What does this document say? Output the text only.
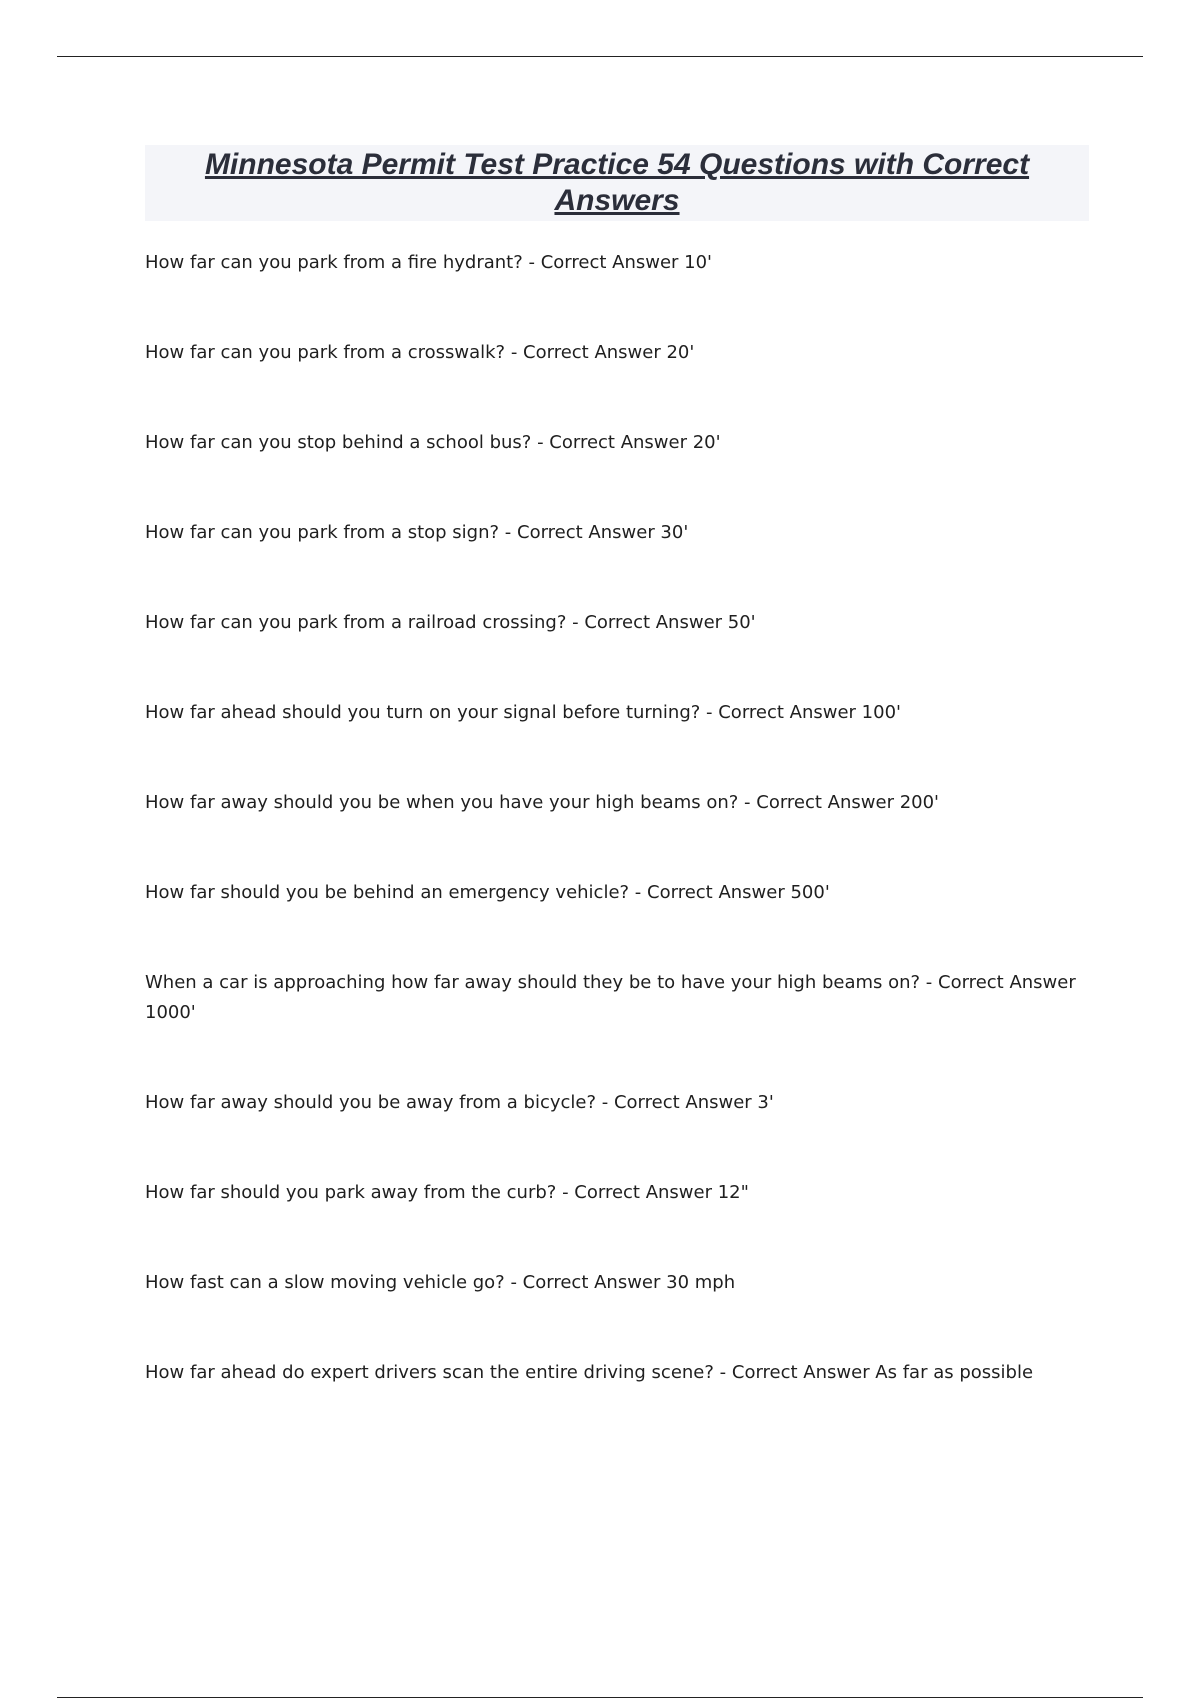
Minnesota Permit Test Practice 54 Questions with Correct Answers
How far can you park from a fire hydrant? - Correct Answer 10'
How far can you park from a crosswalk? - Correct Answer 20'
How far can you stop behind a school bus? - Correct Answer 20'
How far can you park from a stop sign? - Correct Answer 30'
How far can you park from a railroad crossing? - Correct Answer 50'
How far ahead should you turn on your signal before turning? - Correct Answer 100'
How far away should you be when you have your high beams on? - Correct Answer 200'
How far should you be behind an emergency vehicle? - Correct Answer 500'
When a car is approaching how far away should they be to have your high beams on? - Correct Answer 1000'
How far away should you be away from a bicycle? - Correct Answer 3'
How far should you park away from the curb? - Correct Answer 12"
How fast can a slow moving vehicle go? - Correct Answer 30 mph
How far ahead do expert drivers scan the entire driving scene? - Correct Answer As far as possible
